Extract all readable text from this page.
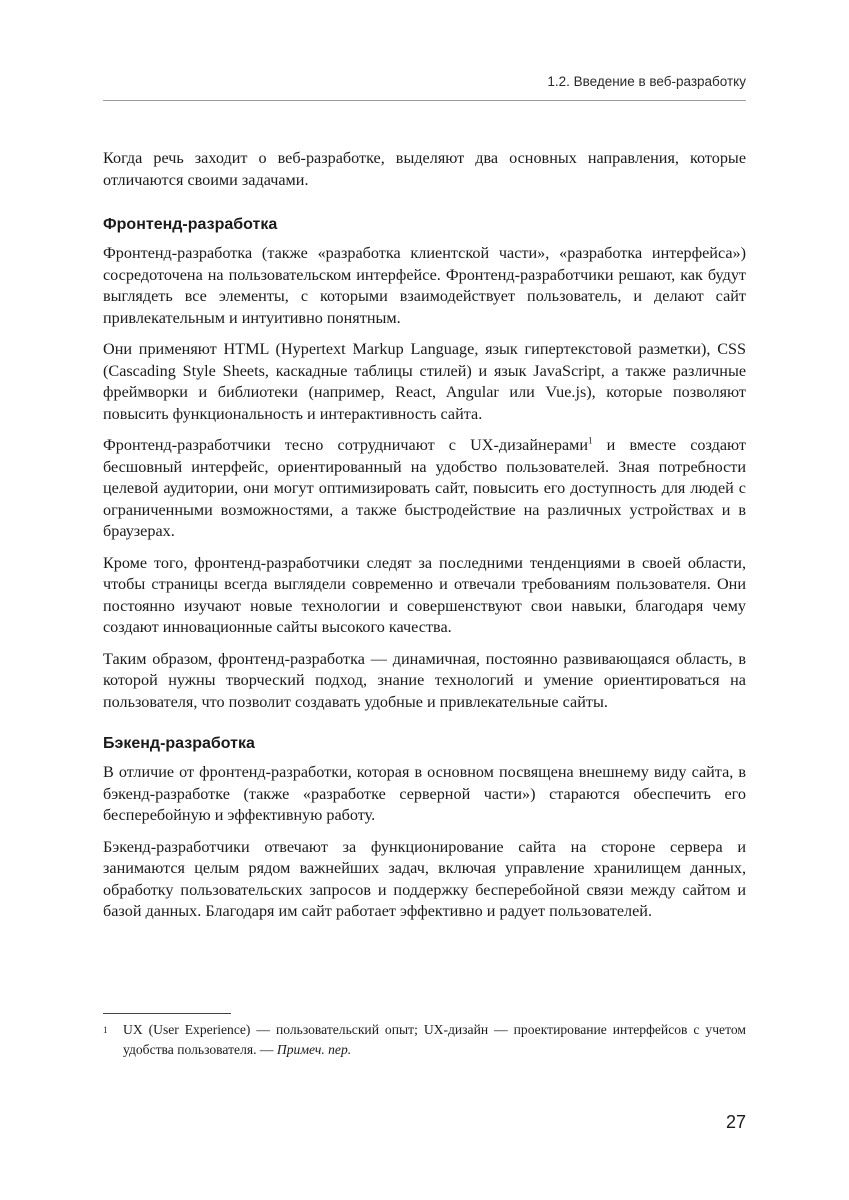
1.2. Введение в веб-разработку

Когда речь заходит о веб-разработке, выделяют два основных направления, которые отличаются своими задачами.

Фронтенд-разработка

Фронтенд-разработка (также «разработка клиентской части», «разработка интерфейса») сосредоточена на пользовательском интерфейсе. Фронтенд-разработчики решают, как будут выглядеть все элементы, с которыми взаимодействует пользователь, и делают сайт привлекательным и интуитивно понятным.

Они применяют HTML (Hypertext Markup Language, язык гипертекстовой разметки), CSS (Cascading Style Sheets, каскадные таблицы стилей) и язык JavaScript, а также различные фреймворки и библиотеки (например, React, Angular или Vue.js), которые позволяют повысить функциональность и интерактивность сайта.

Фронтенд-разработчики тесно сотрудничают с UX-дизайнерами$^1$ и вместе создают бесшовный интерфейс, ориентированный на удобство пользователей. Зная потребности целевой аудитории, они могут оптимизировать сайт, повысить его доступность для людей с ограниченными возможностями, а также быстродействие на различных устройствах и в браузерах.

Кроме того, фронтенд-разработчики следят за последними тенденциями в своей области, чтобы страницы всегда выглядели современно и отвечали требованиям пользователя. Они постоянно изучают новые технологии и совершенствуют свои навыки, благодаря чему создают инновационные сайты высокого качества.

Таким образом, фронтенд-разработка — динамичная, постоянно развивающаяся область, в которой нужны творческий подход, знание технологий и умение ориентироваться на пользователя, что позволит создавать удобные и привлекательные сайты.

Бэкенд-разработка

В отличие от фронтенд-разработки, которая в основном посвящена внешнему виду сайта, в бэкенд-разработке (также «разработке серверной части») стараются обеспечить его бесперебойную и эффективную работу.

Бэкенд-разработчики отвечают за функционирование сайта на стороне сервера и занимаются целым рядом важнейших задач, включая управление хранилищем данных, обработку пользовательских запросов и поддержку бесперебойной связи между сайтом и базой данных. Благодаря им сайт работает эффективно и радует пользователей.

1 UX (User Experience) — пользовательский опыт; UX-дизайн — проектирование интерфейсов с учетом удобства пользователя. — Примеч. пер.
27
